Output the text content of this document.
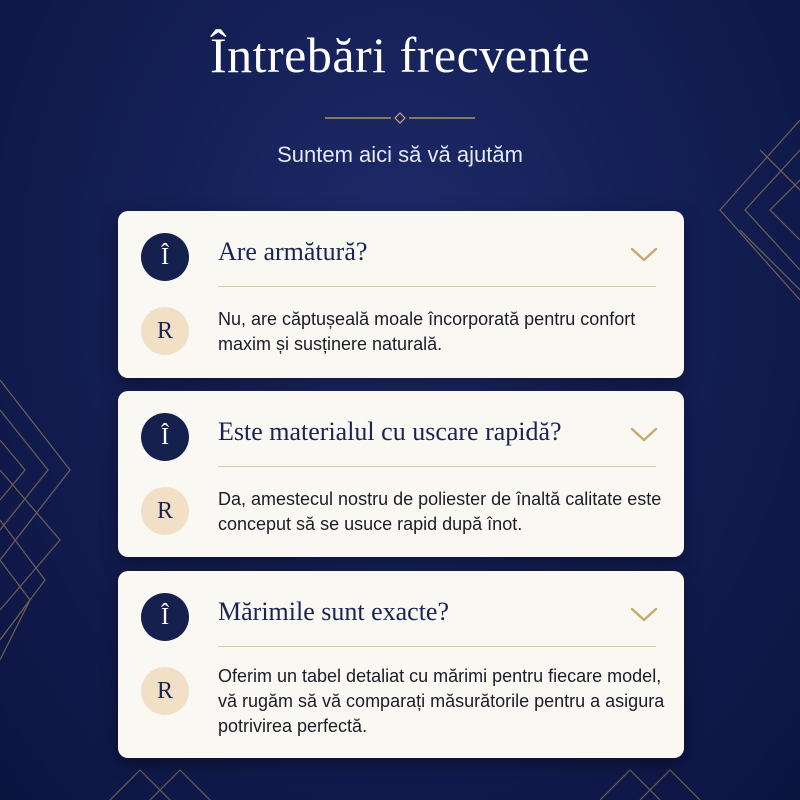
Întrebări frecvente
Suntem aici să vă ajutăm
Î	Are armătură?
R	Nu, are căptușeală moale încorporată pentru confort maxim și susținere naturală.
Î	Este materialul cu uscare rapidă?
R	Da, amestecul nostru de poliester de înaltă calitate este conceput să se usuce rapid după înot.
Î	Mărimile sunt exacte?
R
Oferim un tabel detaliat cu mărimi pentru fiecare model, vă rugăm să vă comparați măsurătorile pentru a asigura potrivirea perfectă.
